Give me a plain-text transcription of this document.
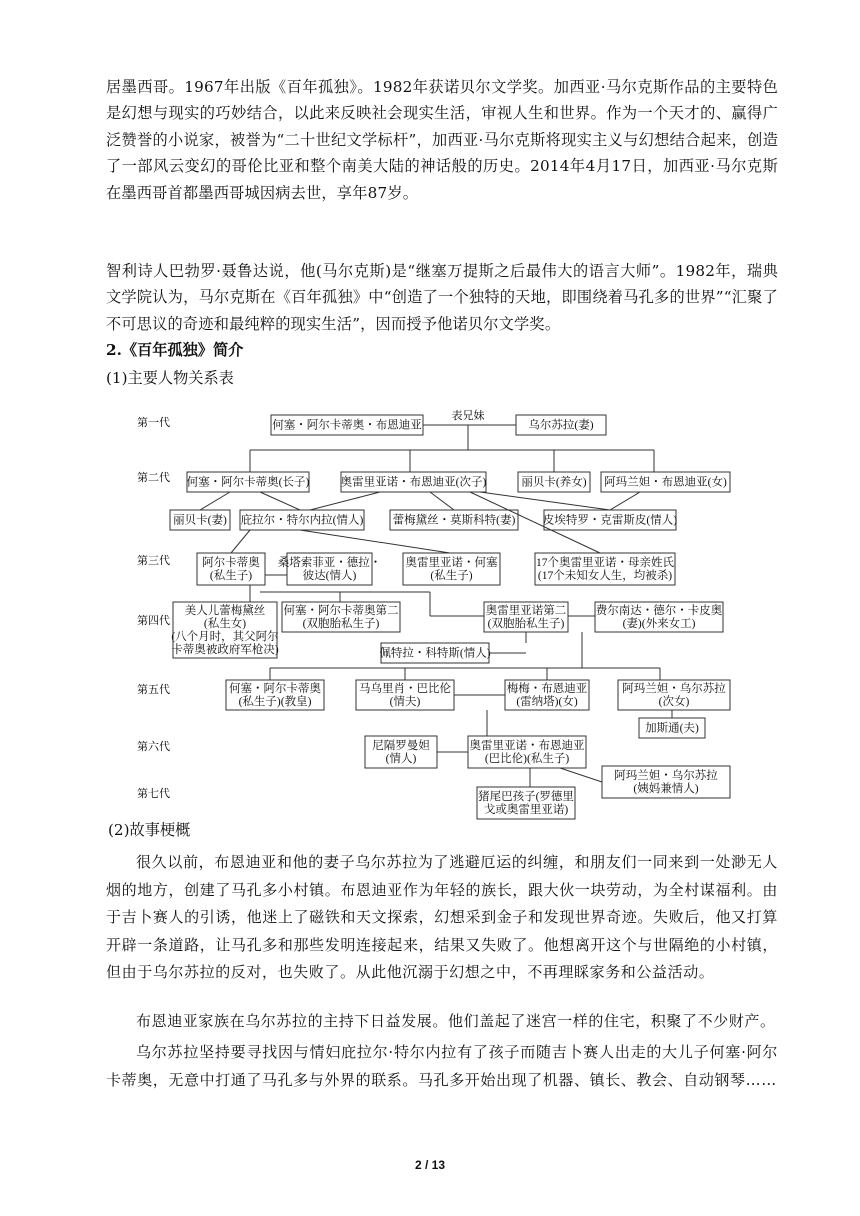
居墨西哥。1967年出版《百年孤独》。1982年获诺贝尔文学奖。加西亚·马尔克斯作品的主要特色是幻想与现实的巧妙结合，以此来反映社会现实生活，审视人生和世界。作为一个天才的、赢得广泛赞誉的小说家，被誉为“二十世纪文学标杆”，加西亚·马尔克斯将现实主义与幻想结合起来，创造了一部风云变幻的哥伦比亚和整个南美大陆的神话般的历史。2014年4月17日，加西亚·马尔克斯在墨西哥首都墨西哥城因病去世，享年87岁。

智利诗人巴勃罗·聂鲁达说，他(马尔克斯)是“继塞万提斯之后最伟大的语言大师”。1982年，瑞典文学院认为，马尔克斯在《百年孤独》中“创造了一个独特的天地，即围绕着马孔多的世界”“汇聚了不可思议的奇迹和最纯粹的现实生活”，因而授予他诺贝尔文学奖。

2.《百年孤独》简介

(1)主要人物关系表

第一代
第二代
第三代
第四代
第五代
第六代
第七代
何塞・阿尔卡蒂奥・布恩迪亚	乌尔苏拉(妻)
何塞・阿尔卡蒂奥(长子)	奥雷里亚诺・布恩迪亚(次子)	丽贝卡(养女) 阿玛兰妲・布恩迪亚(女)
丽贝卡(妻) 庇拉尔・特尔内拉(情人)	蕾梅黛丝・莫斯科特(妻) 皮埃特罗・克雷斯皮(情人)
阿尔卡蒂奥
(私生子)
桑塔索菲亚・德拉・
彼达(情人)
奥雷里亚诺・何塞
(私生子)
17个奥雷里亚诺・母亲姓氏
(17个未知女人生，均被杀)
美人儿蕾梅黛丝
(私生女)
(八个月时，其父阿尔
卡蒂奥被政府军枪决)
何塞・阿尔卡蒂奥第二
(双胞胎私生子)
奥雷里亚诺第二
(双胞胎私生子)
费尔南达・德尔・卡皮奥
(妻)(外来女工)
佩特拉・科特斯(情人)
何塞・阿尔卡蒂奥
(私生子)(教皇)
马乌里肖・巴比伦
(情夫)
梅梅・布恩迪亚
(雷纳塔)(女)
阿玛兰妲・乌尔苏拉
(次女)
加斯通(夫)
尼隔罗曼妲
(情人)
奥雷里亚诺・布恩迪亚
(巴比伦)(私生子)
阿玛兰妲・乌尔苏拉
(姨妈兼情人)
猪尾巴孩子(罗德里
戈或奥雷里亚诺)
表兄妹

(2)故事梗概

很久以前，布恩迪亚和他的妻子乌尔苏拉为了逃避厄运的纠缠，和朋友们一同来到一处渺无人烟的地方，创建了马孔多小村镇。布恩迪亚作为年轻的族长，跟大伙一块劳动，为全村谋福利。由于吉卜赛人的引诱，他迷上了磁铁和天文探索，幻想采到金子和发现世界奇迹。失败后，他又打算开辟一条道路，让马孔多和那些发明连接起来，结果又失败了。他想离开这个与世隔绝的小村镇，但由于乌尔苏拉的反对，也失败了。从此他沉溺于幻想之中，不再理睬家务和公益活动。

布恩迪亚家族在乌尔苏拉的主持下日益发展。他们盖起了迷宫一样的住宅，积聚了不少财产。

乌尔苏拉坚持要寻找因与情妇庇拉尔·特尔内拉有了孩子而随吉卜赛人出走的大儿子何塞·阿尔卡蒂奥，无意中打通了马孔多与外界的联系。马孔多开始出现了机器、镇长、教会、自动钢琴……

2 / 13
